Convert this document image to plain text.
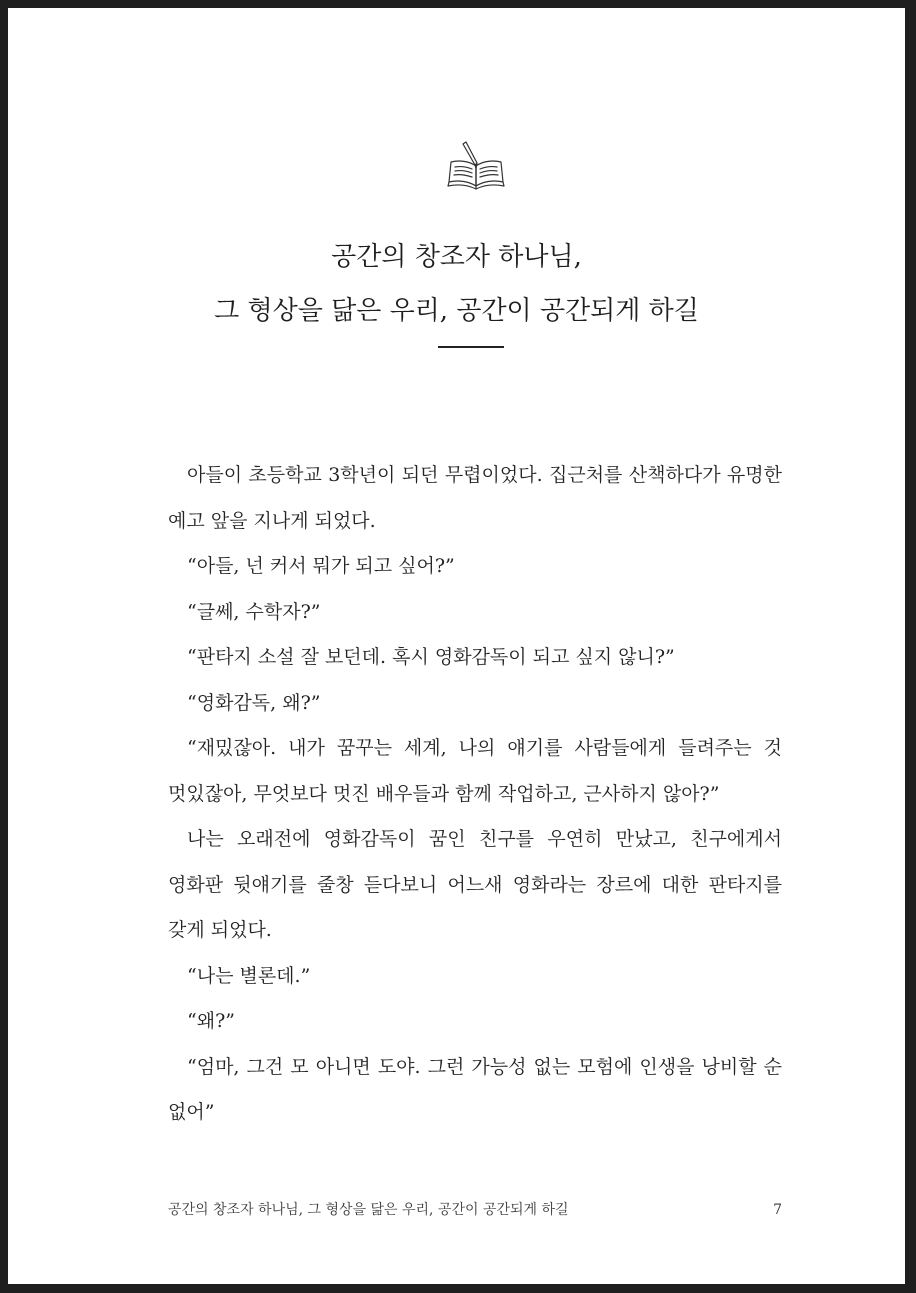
공간의 창조자 하나님,
그 형상을 닮은 우리, 공간이 공간되게 하길

아들이 초등학교 3학년이 되던 무렵이었다. 집근처를 산책하다가 유명한 예고 앞을 지나게 되었다.

“아들, 넌 커서 뭐가 되고 싶어?”

“글쎄, 수학자?”

“판타지 소설 잘 보던데. 혹시 영화감독이 되고 싶지 않니?”

“영화감독, 왜?”

“재밌잖아. 내가 꿈꾸는 세계, 나의 얘기를 사람들에게 들려주는 것 멋있잖아, 무엇보다 멋진 배우들과 함께 작업하고, 근사하지 않아?”

나는 오래전에 영화감독이 꿈인 친구를 우연히 만났고, 친구에게서 영화판 뒷얘기를 줄창 듣다보니 어느새 영화라는 장르에 대한 판타지를 갖게 되었다.

“나는 별론데.”

“왜?”

“엄마, 그건 모 아니면 도야. 그런 가능성 없는 모험에 인생을 낭비할 순 없어”

공간의 창조자 하나님, 그 형상을 닮은 우리, 공간이 공간되게 하길	7
